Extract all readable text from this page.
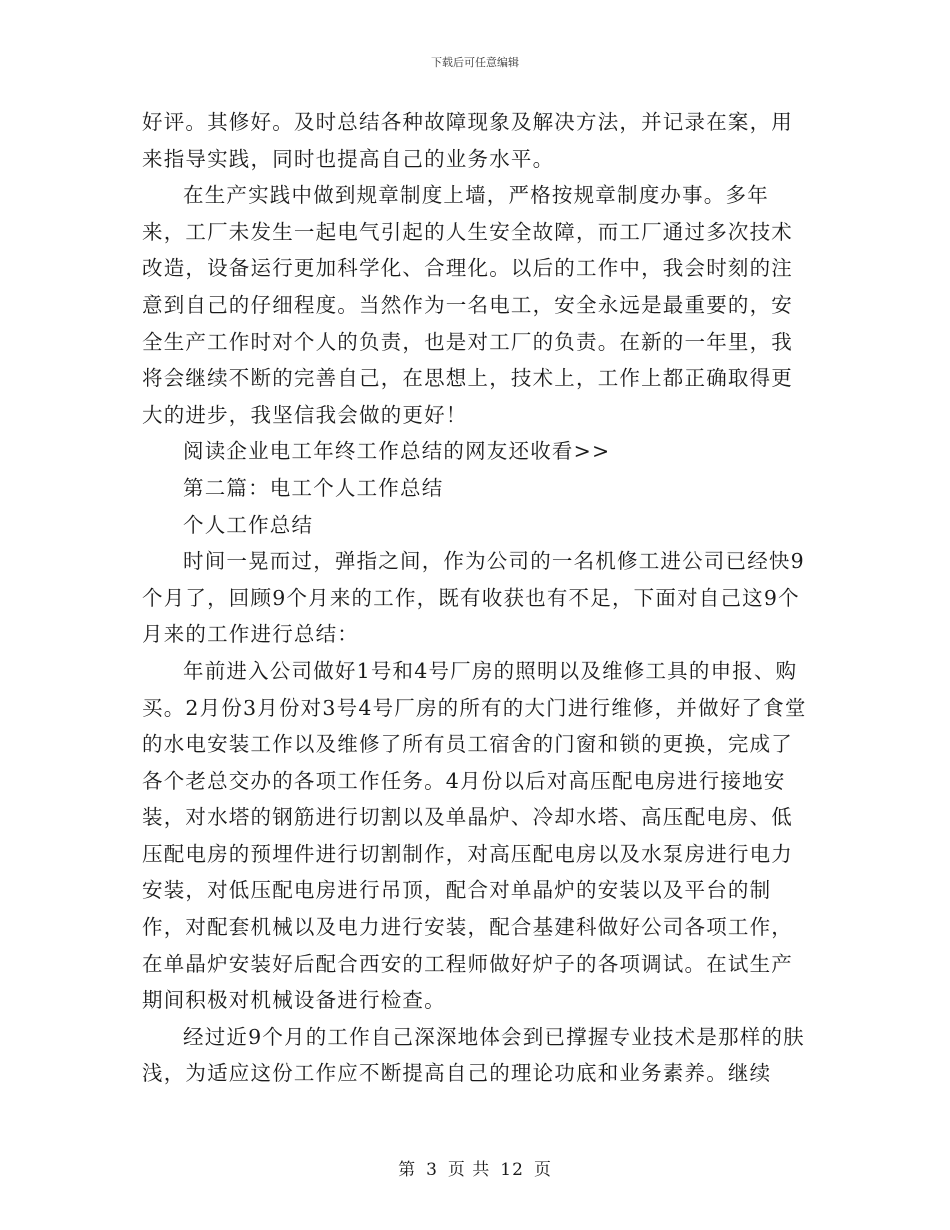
下载后可任意编辑

好评。其修好。及时总结各种故障现象及解决方法，并记录在案，用来指导实践，同时也提高自己的业务水平。

在生产实践中做到规章制度上墙，严格按规章制度办事。多年来，工厂未发生一起电气引起的人生安全故障，而工厂通过多次技术改造，设备运行更加科学化、合理化。以后的工作中，我会时刻的注意到自己的仔细程度。当然作为一名电工，安全永远是最重要的，安全生产工作时对个人的负责，也是对工厂的负责。在新的一年里，我将会继续不断的完善自己，在思想上，技术上，工作上都正确取得更大的进步，我坚信我会做的更好！

阅读企业电工年终工作总结的网友还收看>>

第二篇：电工个人工作总结

个人工作总结

时间一晃而过，弹指之间，作为公司的一名机修工进公司已经快9个月了，回顾9个月来的工作，既有收获也有不足，下面对自己这9个月来的工作进行总结：

年前进入公司做好1号和4号厂房的照明以及维修工具的申报、购买。2月份3月份对3号4号厂房的所有的大门进行维修，并做好了食堂的水电安装工作以及维修了所有员工宿舍的门窗和锁的更换，完成了各个老总交办的各项工作任务。4月份以后对高压配电房进行接地安装，对水塔的钢筋进行切割以及单晶炉、冷却水塔、高压配电房、低压配电房的预埋件进行切割制作，对高压配电房以及水泵房进行电力安装，对低压配电房进行吊顶，配合对单晶炉的安装以及平台的制作，对配套机械以及电力进行安装，配合基建科做好公司各项工作，在单晶炉安装好后配合西安的工程师做好炉子的各项调试。在试生产期间积极对机械设备进行检查。

经过近9个月的工作自己深深地体会到已撑握专业技术是那样的肤浅，为适应这份工作应不断提高自己的理论功底和业务素养。继续

第 3 页 共 12 页
